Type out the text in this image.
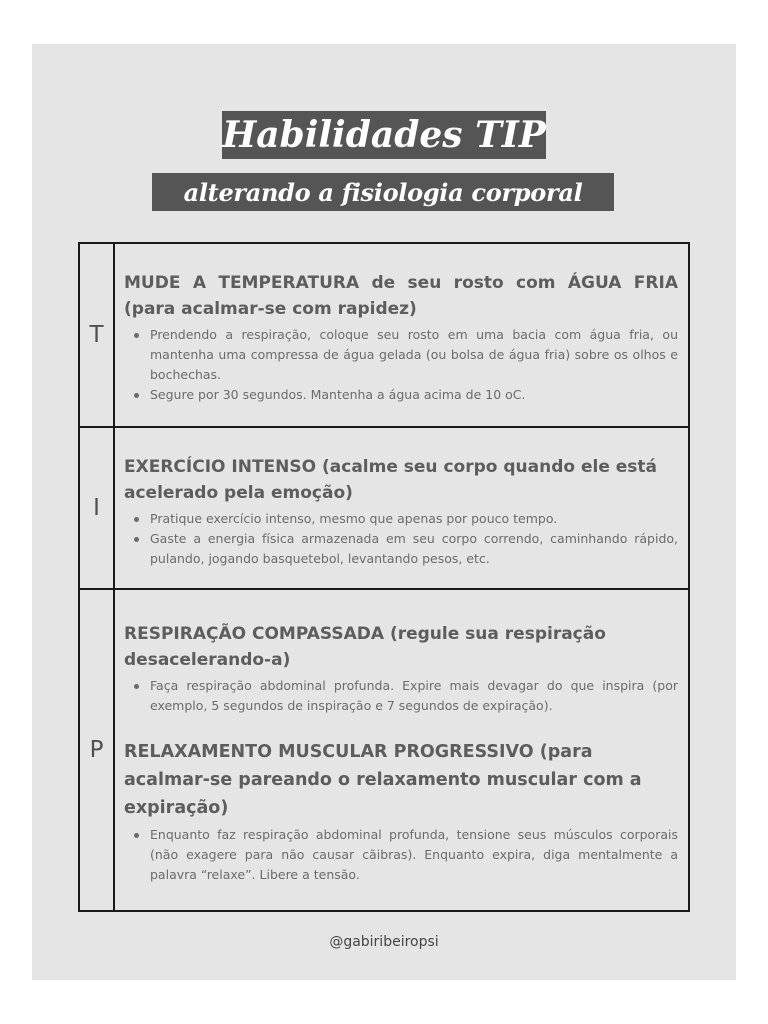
Habilidades TIP
alterando a fisiologia corporal
T

MUDE A TEMPERATURA de seu rosto com ÁGUA FRIA (para acalmar-se com rapidez)

Prendendo a respiração, coloque seu rosto em uma bacia com água fria, ou mantenha uma compressa de água gelada (ou bolsa de água fria) sobre os olhos e bochechas.
Segure por 30 segundos. Mantenha a água acima de 10 oC.
I

EXERCÍCIO INTENSO (acalme seu corpo quando ele está acelerado pela emoção)

Pratique exercício intenso, mesmo que apenas por pouco tempo.
Gaste a energia física armazenada em seu corpo correndo, caminhando rápido, pulando, jogando basquetebol, levantando pesos, etc.
P

RESPIRAÇÃO COMPASSADA (regule sua respiração desacelerando-a)

Faça respiração abdominal profunda. Expire mais devagar do que inspira (por exemplo, 5 segundos de inspiração e 7 segundos de expiração).

RELAXAMENTO MUSCULAR PROGRESSIVO (para acalmar-se pareando o relaxamento muscular com a expiração)

Enquanto faz respiração abdominal profunda, tensione seus músculos corporais (não exagere para não causar cãibras). Enquanto expira, diga mentalmente a palavra “relaxe”. Libere a tensão.
@gabiribeiropsi
